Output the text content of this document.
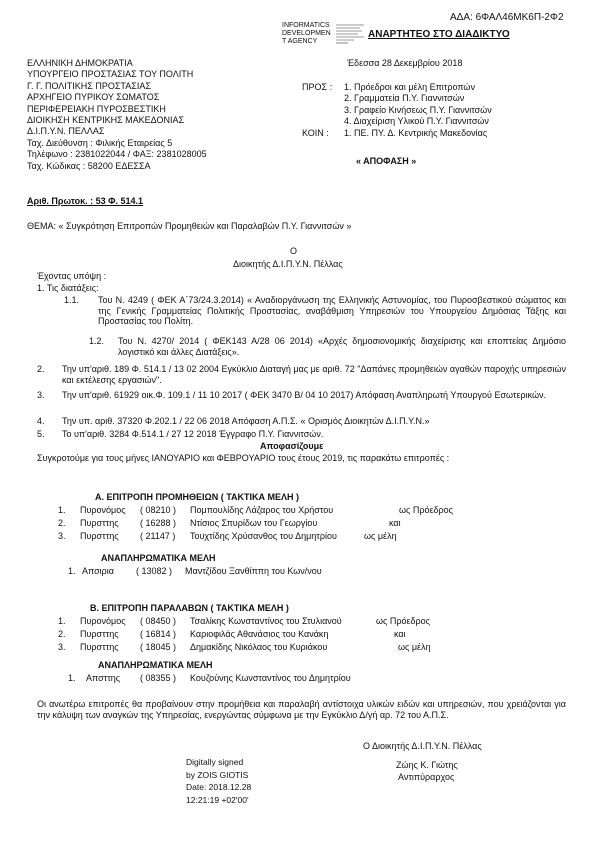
ΑΔΑ: 6ΦΑΛ46ΜΚ6Π-2Φ2
INFORMATICS
DEVELOPMEN
T AGENCY
ΑΝΑΡΤΗΤΕΟ ΣΤΟ ΔΙΑΔΙΚΤΥΟ
ΕΛΛΗΝΙΚΗ ΔΗΜΟΚΡΑΤΙΑ
ΥΠΟΥΡΓΕΙΟ ΠΡΟΣΤΑΣΙΑΣ ΤΟΥ ΠΟΛΙΤΗ
Γ. Γ. ΠΟΛΙΤΙΚΗΣ ΠΡΟΣΤΑΣΙΑΣ
ΑΡΧΗΓΕΙΟ ΠΥΡΙΚΟΥ ΣΩΜΑΤΟΣ
ΠΕΡΙΦΕΡΕΙΑΚΗ ΠΥΡΟΣΒΕΣΤΙΚΗ
ΔΙΟΙΚΗΣΗ ΚΕΝΤΡΙΚΗΣ ΜΑΚΕΔΟΝΙΑΣ
Δ.Ι.Π.Υ.Ν. ΠΕΛΛΑΣ
Ταχ. Διεύθυνση : Φιλικής Εταιρείας 5
Τηλέφωνο : 2381022044 / ΦΑΞ: 2381028005
Ταχ. Κώδικας : 58200 ΕΔΕΣΣΑ
Έδεσσα 28 Δεκεμβρίου 2018
ΠΡΟΣ : 1. Πρόεδροι και μέλη Επιτροπών
2. Γραμματεία Π.Υ. Γιαννιτσών
3. Γραφείο Κινήσεως Π.Υ. Γιαννιτσών
4. Διαχείριση Υλικού Π.Υ. Γιαννιτσών
ΚΟΙΝ : 1. ΠΕ. ΠΥ. Δ. Κεντρικής Μακεδονίας
« ΑΠΟΦΑΣΗ »
Αριθ. Πρωτοκ. : 53 Φ. 514.1
ΘΕΜΑ: « Συγκρότηση Επιτροπών Προμηθειών και Παραλαβών Π.Υ. Γιαννιτσών »
Ο
Διοικητής Δ.Ι.Π.Υ.Ν. Πέλλας
Έχοντας υπόψη :
1. Τις διατάξεις:
1.1. Του Ν. 4249 ( ΦΕΚ Α΄73/24.3.2014) « Αναδιοργάνωση της Ελληνικής Αστυνομίας, του Πυροσβεστικού σώματος και της Γενικής Γραμματείας Πολιτικής Προστασίας, αναβάθμιση Υπηρεσιών του Υπουργείου Δημόσιας Τάξης και Προστασίας του Πολίτη.
1.2. Του Ν. 4270/ 2014 ( ΦΕΚ143 Α/28 06 2014) «Αρχές δημοσιονομικής διαχείρισης και εποπτείας Δημόσιο λογιστικό και άλλες Διατάξεις».
2. Την υπ'αριθ. 189 Φ. 514.1 / 13 02 2004 Εγκύκλιο Διαταγή μας με αριθ. 72 "Δαπάνες προμηθειών αγαθών παροχής υπηρεσιών και εκτέλεσης εργασιών".
3. Την υπ'αριθ. 61929 οικ.Φ. 109.1 / 11 10 2017 ( ΦΕΚ 3470 Β/ 04 10 2017) Απόφαση Αναπληρωτή Υπουργού Εσωτερικών.
4. Την υπ. αριθ. 37320 Φ.202.1 / 22 06 2018 Απόφαση Α.Π.Σ. « Ορισμός Διοικητών Δ.Ι.Π.Υ.Ν.»
5. Το υπ'αριθ. 3284 Φ.514.1 / 27 12 2018 Έγγραφο Π.Υ. Γιαννιτσών.
Αποφασίζουμε
Συγκροτούμε για τους μήνες ΙΑΝΟΥΑΡΙΟ και ΦΕΒΡΟΥΑΡΙΟ τους έτους 2019, τις παρακάτω επιτροπές :
Α. ΕΠΙΤΡΟΠΗ ΠΡΟΜΗΘΕΙΩΝ ( ΤΑΚΤΙΚΑ ΜΕΛΗ )
1. Πυρονόμος ( 08210 ) Πομπουλίδης Λάζαρος του Χρήστου	ως Πρόεδρος
2. Πυρσττης ( 16288 ) Ντίσιος Σπυρίδων του Γεωργίου	και
3. Πυρσττης ( 21147 ) Τουχτίδης Χρύσανθος του Δημητρίου	ως μέλη
ΑΝΑΠΛΗΡΩΜΑΤΙΚΑ ΜΕΛΗ
1. Απσιρια ( 13082 ) Μαντζίδου Ξανθίππη του Κων/νου
Β. ΕΠΙΤΡΟΠΗ ΠΑΡΑΛΑΒΩΝ ( ΤΑΚΤΙΚΑ ΜΕΛΗ )
1. Πυρονόμος ( 08450 ) Τσαλίκης Κωνσταντίνος του Στυλιανού	ως Πρόεδρος
2. Πυρσττης ( 16814 ) Καριοφιλάς Αθανάσιος του Κανάκη	και
3. Πυρσττης ( 18045 ) Δημακίδης Νικόλαος του Κυριάκου	ως μέλη
ΑΝΑΠΛΗΡΩΜΑΤΙΚΑ ΜΕΛΗ
1. Απσττης ( 08355 ) Κουζούνης Κωνσταντίνος του Δημητρίου
Οι ανωτέρω επιτροπές θα προβαίνουν στην προμήθεια και παραλαβή αντίστοιχα υλικών ειδών και υπηρεσιών, που χρειάζονται για την κάλυψη των αναγκών της Υπηρεσίας, ενεργώντας σύμφωνα με την Εγκύκλιο Δ/γή αρ. 72 του Α.Π.Σ.
Ο Διοικητής Δ.Ι.Π.Υ.Ν. Πέλλας
Ζώης Κ. Γιώτης
Αντιπύραρχος
Digitally signed
by ZOIS GIOTIS
Date: 2018.12.28
12:21:19 +02'00'
